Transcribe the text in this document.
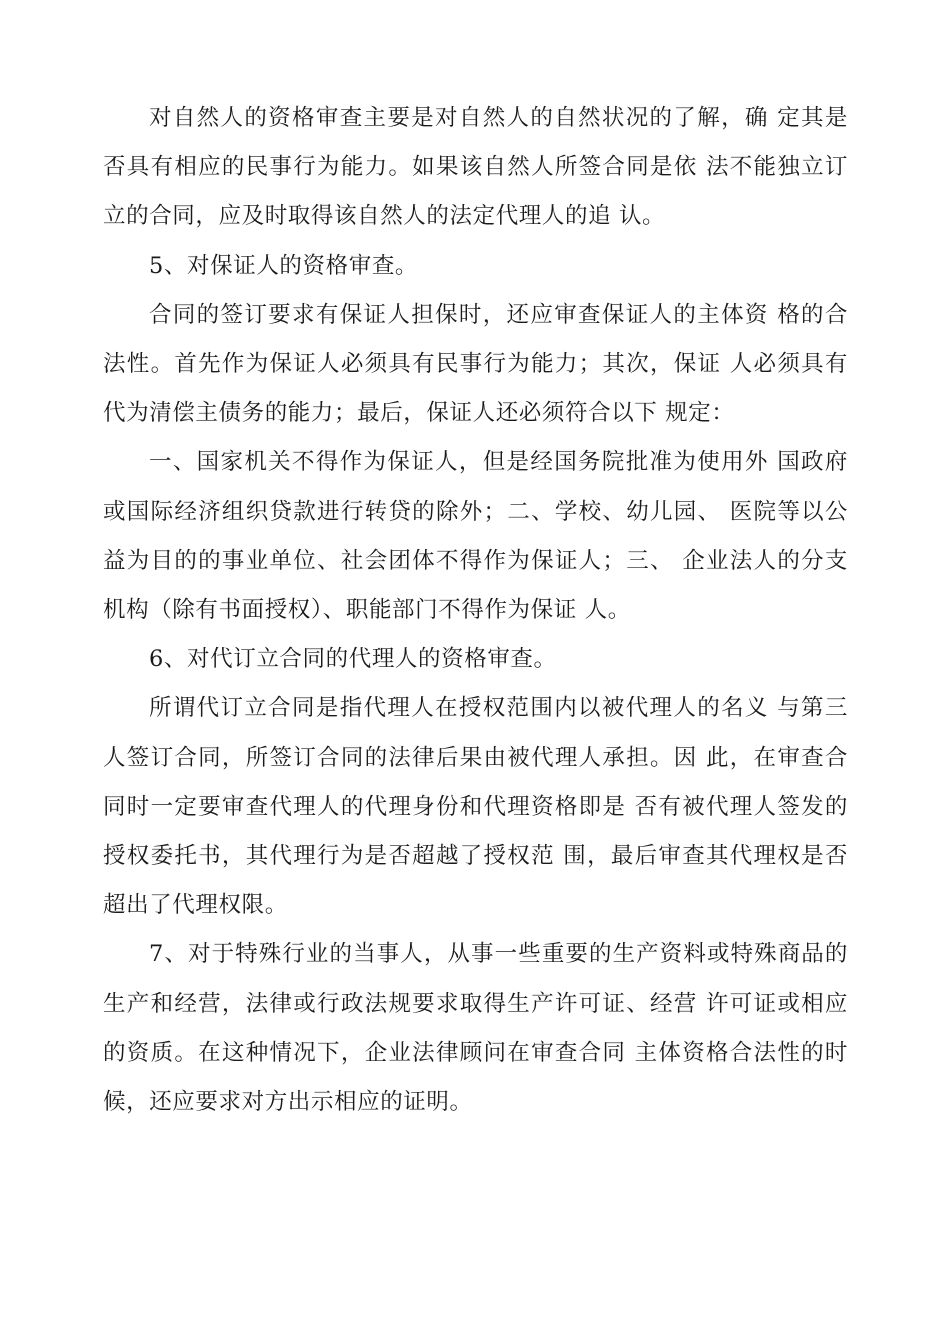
对自然人的资格审查主要是对自然人的自然状况的了解，确 定其是否具有相应的民事行为能力。如果该自然人所签合同是依 法不能独立订立的合同，应及时取得该自然人的法定代理人的追 认。

5、对保证人的资格审查。

合同的签订要求有保证人担保时，还应审查保证人的主体资 格的合法性。首先作为保证人必须具有民事行为能力；其次，保证 人必须具有代为清偿主债务的能力；最后，保证人还必须符合以下 规定：

一、国家机关不得作为保证人，但是经国务院批准为使用外 国政府或国际经济组织贷款进行转贷的除外；二、学校、幼儿园、 医院等以公益为目的的事业单位、社会团体不得作为保证人；三、 企业法人的分支机构（除有书面授权）、职能部门不得作为保证 人。

6、对代订立合同的代理人的资格审查。

所谓代订立合同是指代理人在授权范围内以被代理人的名义 与第三人签订合同，所签订合同的法律后果由被代理人承担。因 此，在审查合同时一定要审查代理人的代理身份和代理资格即是 否有被代理人签发的授权委托书，其代理行为是否超越了授权范 围，最后审查其代理权是否超出了代理权限。

7、对于特殊行业的当事人，从事一些重要的生产资料或特殊商品的生产和经营，法律或行政法规要求取得生产许可证、经营 许可证或相应的资质。在这种情况下，企业法律顾问在审查合同 主体资格合法性的时候，还应要求对方出示相应的证明。
